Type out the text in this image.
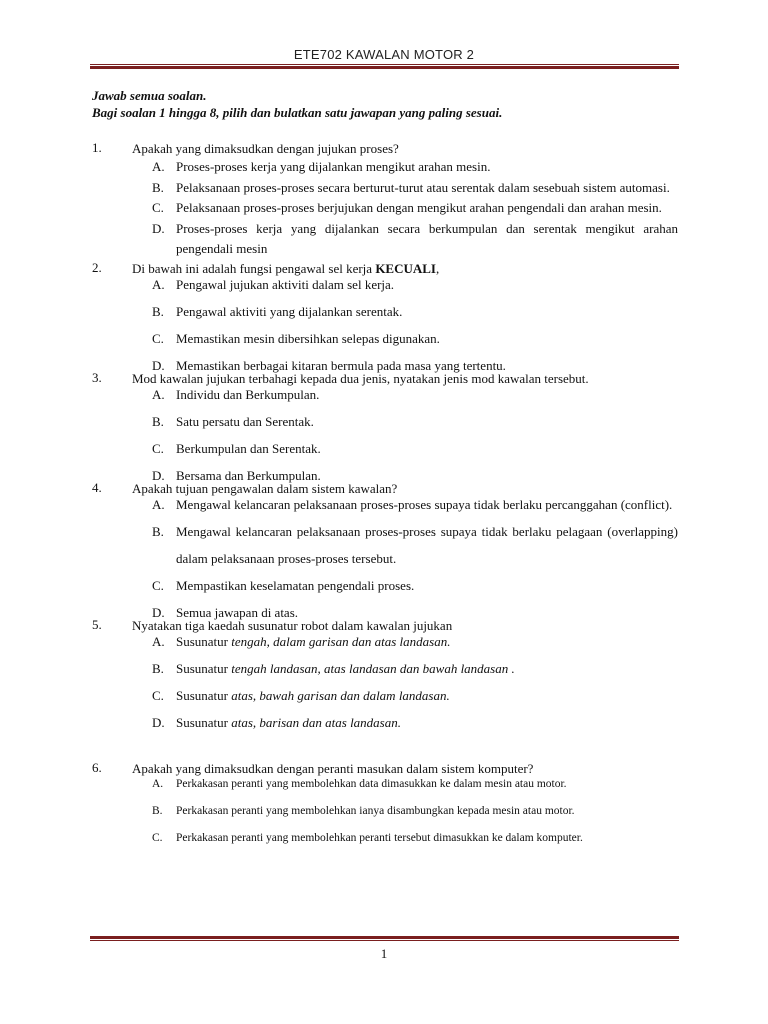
ETE702 KAWALAN MOTOR 2
Jawab semua soalan.
Bagi soalan 1 hingga 8, pilih dan bulatkan satu jawapan yang paling sesuai.
1. Apakah yang dimaksudkan dengan jujukan proses?
A. Proses-proses kerja yang dijalankan mengikut arahan mesin.
B. Pelaksanaan proses-proses secara berturut-turut atau serentak dalam sesebuah sistem automasi.
C. Pelaksanaan proses-proses berjujukan dengan mengikut arahan pengendali dan arahan mesin.
D. Proses-proses kerja yang dijalankan secara berkumpulan dan serentak mengikut arahan pengendali mesin
2. Di bawah ini adalah fungsi pengawal sel kerja KECUALI,
A. Pengawal jujukan aktiviti dalam sel kerja.
B. Pengawal aktiviti yang dijalankan serentak.
C. Memastikan mesin dibersihkan selepas digunakan.
D. Memastikan berbagai kitaran bermula pada masa yang tertentu.
3. Mod kawalan jujukan terbahagi kepada dua jenis, nyatakan jenis mod kawalan tersebut.
A. Individu dan Berkumpulan.
B. Satu persatu dan Serentak.
C. Berkumpulan dan Serentak.
D. Bersama dan Berkumpulan.
4. Apakah tujuan pengawalan dalam sistem kawalan?
A. Mengawal kelancaran pelaksanaan proses-proses supaya tidak berlaku percanggahan (conflict).
B. Mengawal kelancaran pelaksanaan proses-proses supaya tidak berlaku pelagaan (overlapping) dalam pelaksanaan proses-proses tersebut.
C. Mempastikan keselamatan pengendali proses.
D. Semua jawapan di atas.
5. Nyatakan tiga kaedah susunatur robot dalam kawalan jujukan
A. Susunatur tengah, dalam garisan dan atas landasan.
B. Susunatur tengah landasan, atas landasan dan bawah landasan .
C. Susunatur atas, bawah garisan dan dalam landasan.
D. Susunatur atas, barisan dan atas landasan.
6. Apakah yang dimaksudkan dengan peranti masukan dalam sistem komputer?
A.	Perkakasan peranti yang membolehkan data dimasukkan ke dalam mesin atau motor.
B.	Perkakasan peranti yang membolehkan ianya disambungkan kepada mesin atau motor.
C.	Perkakasan peranti yang membolehkan peranti tersebut dimasukkan ke dalam komputer.
1
